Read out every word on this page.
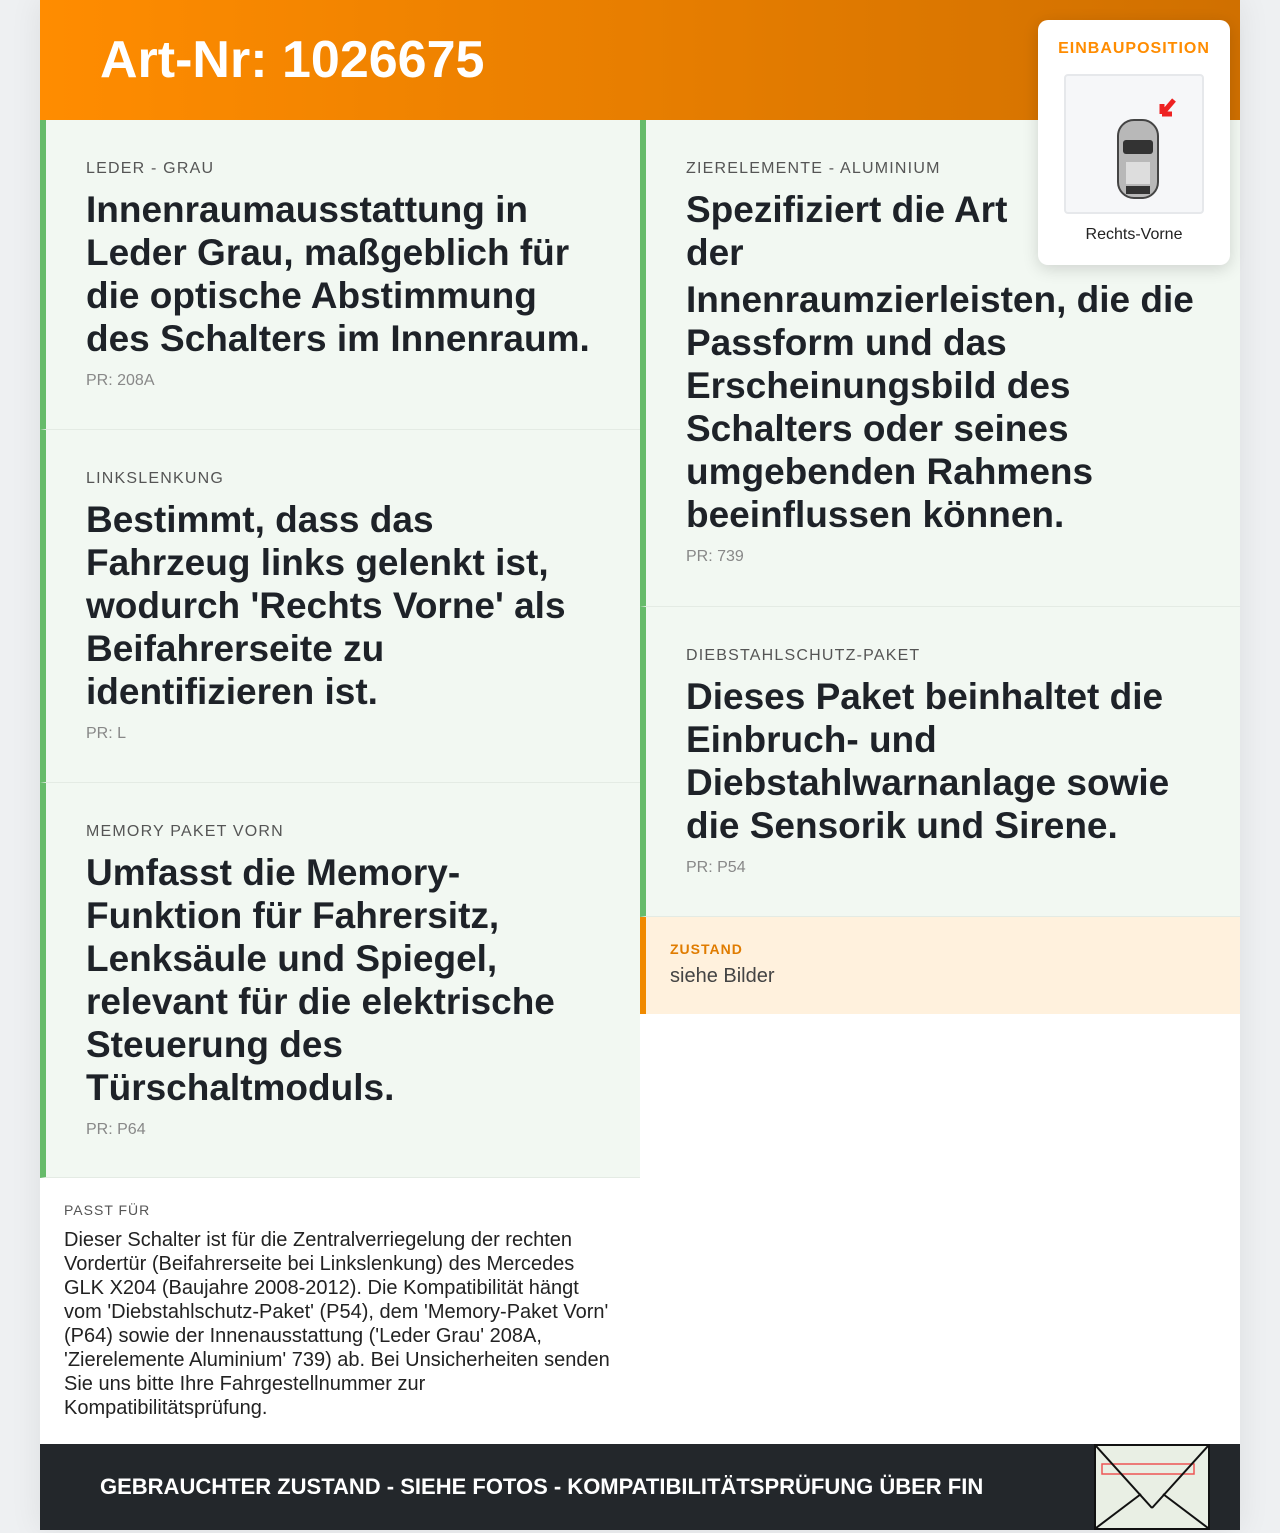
Art-Nr: 1026675
LEDER - GRAU
Innenraumausstattung in Leder Grau, maßgeblich für die optische Abstimmung des Schalters im Innenraum.
PR: 208A
LINKSLENKUNG
Bestimmt, dass das Fahrzeug links gelenkt ist, wodurch 'Rechts Vorne' als Beifahrerseite zu identifizieren ist.
PR: L
MEMORY PAKET VORN
Umfasst die Memory-Funktion für Fahrersitz, Lenksäule und Spiegel, relevant für die elektrische Steuerung des Türschaltmoduls.
PR: P64
PASST FÜR
Dieser Schalter ist für die Zentralverriegelung der rechten Vordertür (Beifahrerseite bei Linkslenkung) des Mercedes GLK X204 (Baujahre 2008-2012). Die Kompatibilität hängt vom 'Diebstahlschutz-Paket' (P54), dem 'Memory-Paket Vorn' (P64) sowie der Innenausstattung ('Leder Grau' 208A, 'Zierelemente Aluminium' 739) ab. Bei Unsicherheiten senden Sie uns bitte Ihre Fahrgestellnummer zur Kompatibilitätsprüfung.
ZIERELEMENTE - ALUMINIUM
Spezifiziert die Art der Innenraumzierleisten, die die Passform und das Erscheinungsbild des Schalters oder seines umgebenden Rahmens beeinflussen können.
PR: 739
DIEBSTAHLSCHUTZ-PAKET
Dieses Paket beinhaltet die Einbruch- und Diebstahlwarnanlage sowie die Sensorik und Sirene.
PR: P54
ZUSTAND
siehe Bilder
GEBRAUCHTER ZUSTAND - SIEHE FOTOS - KOMPATIBILITÄTSPRÜFUNG ÜBER FIN
EINBAUPOSITION
Rechts-Vorne
